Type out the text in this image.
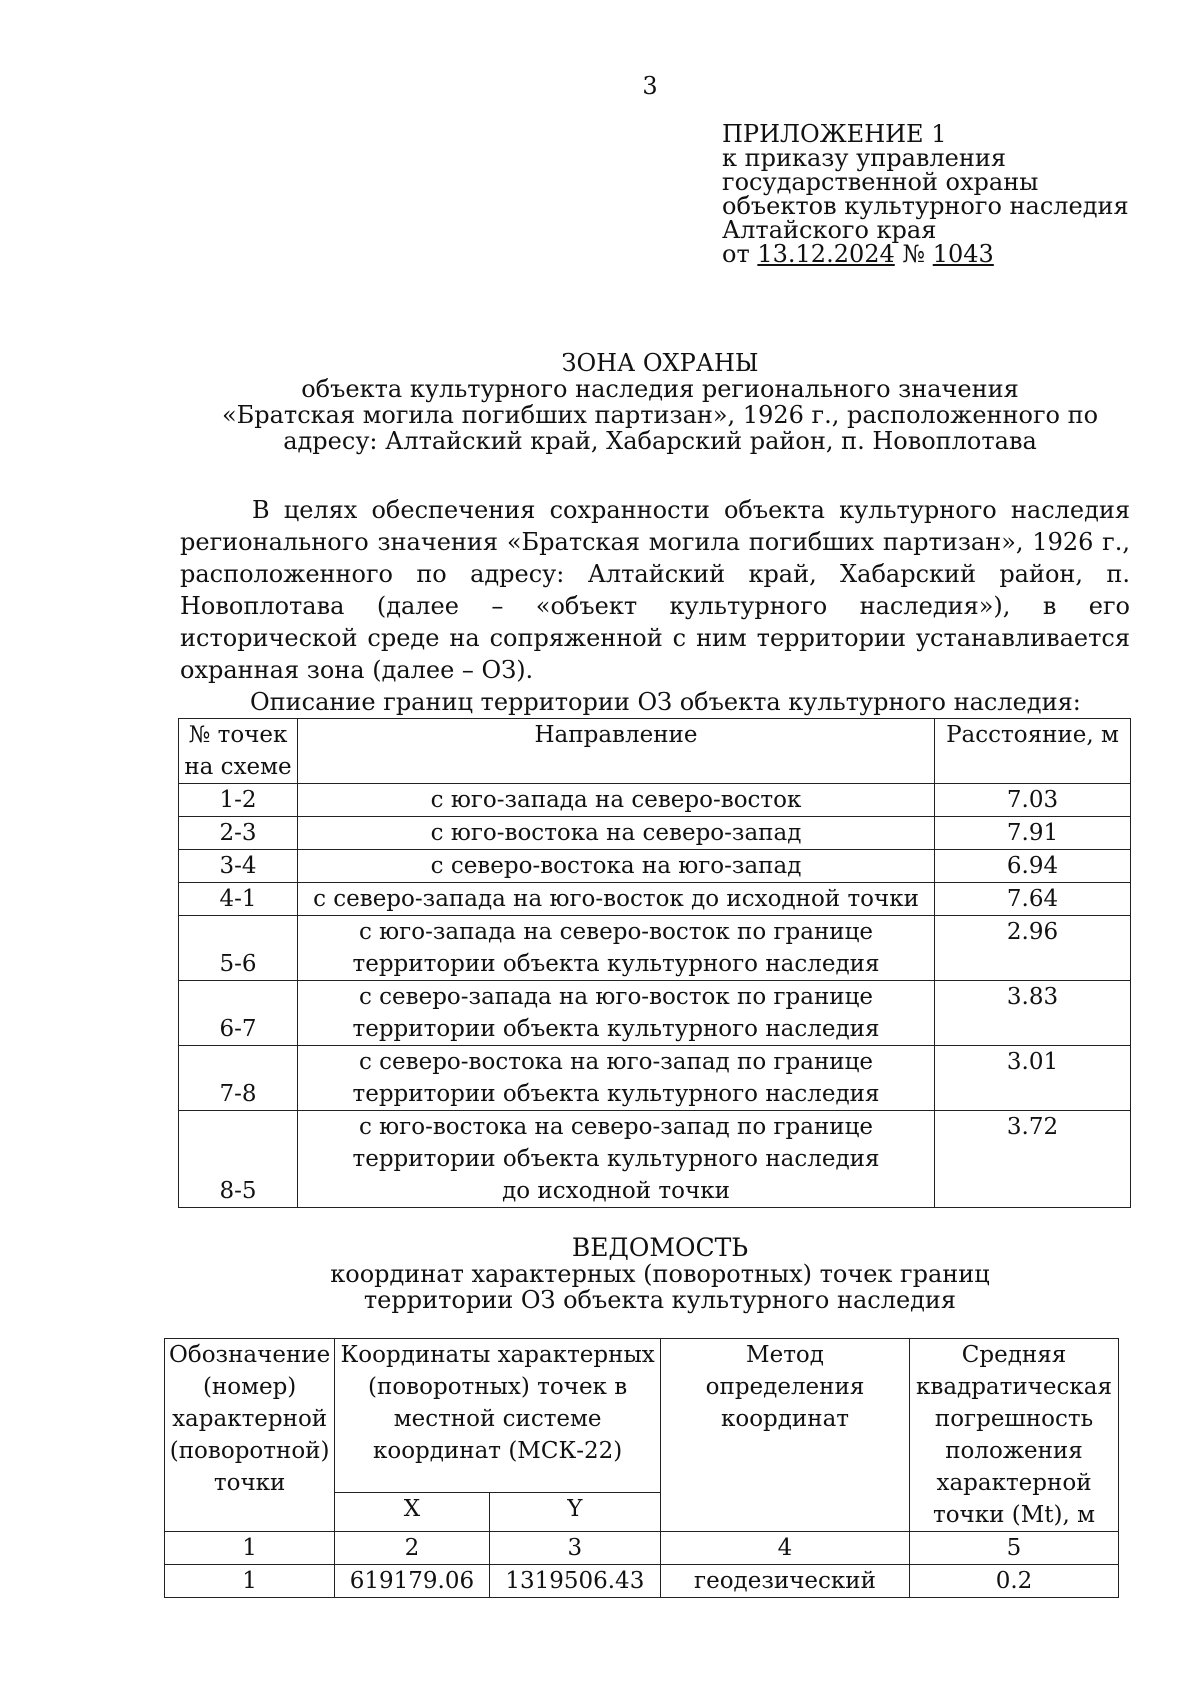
3
ПРИЛОЖЕНИЕ 1
к приказу управления
государственной охраны
объектов культурного наследия
Алтайского края
от 13.12.2024 № 1043
ЗОНА ОХРАНЫ
объекта культурного наследия регионального значения
«Братская могила погибших партизан», 1926 г., расположенного по
адресу: Алтайский край, Хабарский район, п. Новоплотава

В целях обеспечения сохранности объекта культурного наследия регионального значения «Братская могила погибших партизан», 1926 г., расположенного по адресу: Алтайский край, Хабарский район, п. Новоплотава (далее – «объект культурного наследия»), в его исторической среде на сопряженной с ним территории устанавливается охранная зона (далее – ОЗ).

Описание границ территории ОЗ объекта культурного наследия:
№ точек на схеме	Направление	Расстояние, м
1-2	с юго-запада на северо-восток	7.03
2-3	с юго-востока на северо-запад	7.91
3-4	с северо-востока на юго-запад	6.94
4-1	с северо-запада на юго-восток до исходной точки	7.64
5-6	с юго-запада на северо-восток по границе территории объекта культурного наследия	2.96
6-7	с северо-запада на юго-восток по границе территории объекта культурного наследия	3.83
7-8	с северо-востока на юго-запад по границе территории объекта культурного наследия	3.01
8-5	с юго-востока на северо-запад по границе территории объекта культурного наследия до исходной точки	3.72
ВЕДОМОСТЬ
координат характерных (поворотных) точек границ
территории ОЗ объекта культурного наследия
Обозначение (номер) характерной (поворотной) точки	Координаты характерных (поворотных) точек в местной системе координат (МСК-22)		Метод определения координат	Средняя квадратическая погрешность положения характерной точки (Mt), м
	X	Y		
1	2	3	4	5
1	619179.06	1319506.43	геодезический	0.2
